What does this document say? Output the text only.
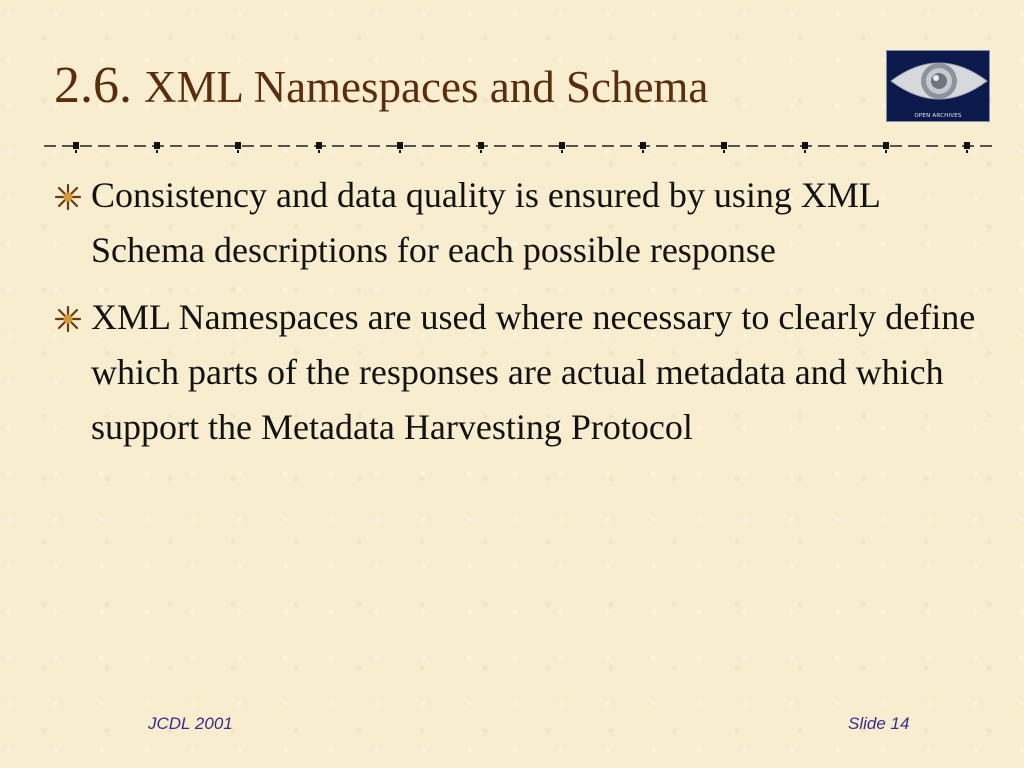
2.6. XML Namespaces and Schema
OPEN ARCHIVES
Consistency and data quality is ensured by using XML Schema descriptions for each possible response
XML Namespaces are used where necessary to clearly define which parts of the responses are actual metadata and which support the Metadata Harvesting Protocol
JCDL 2001	Slide 14
